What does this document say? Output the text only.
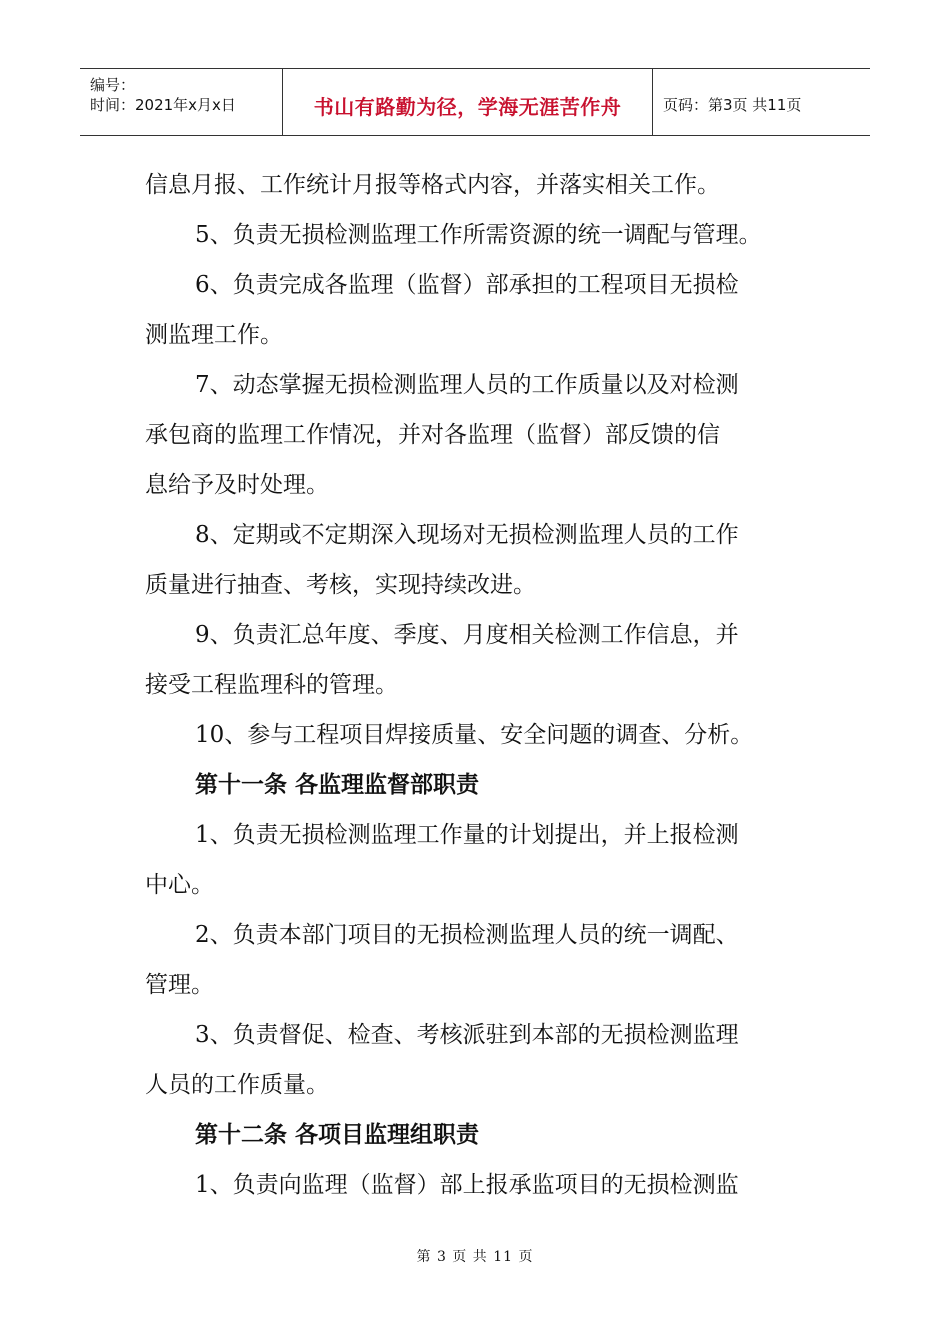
编号：
时间：2021年x月x日	书山有路勤为径，学海无涯苦作舟	页码：第3页 共11页
信息月报、工作统计月报等格式内容，并落实相关工作。
5、负责无损检测监理工作所需资源的统一调配与管理。
6、负责完成各监理（监督）部承担的工程项目无损检
测监理工作。
7、动态掌握无损检测监理人员的工作质量以及对检测
承包商的监理工作情况，并对各监理（监督）部反馈的信
息给予及时处理。
8、定期或不定期深入现场对无损检测监理人员的工作
质量进行抽查、考核，实现持续改进。
9、负责汇总年度、季度、月度相关检测工作信息，并
接受工程监理科的管理。
10、参与工程项目焊接质量、安全问题的调查、分析。
第十一条 各监理监督部职责
1、负责无损检测监理工作量的计划提出，并上报检测
中心。
2、负责本部门项目的无损检测监理人员的统一调配、
管理。
3、负责督促、检查、考核派驻到本部的无损检测监理
人员的工作质量。
第十二条 各项目监理组职责
1、负责向监理（监督）部上报承监项目的无损检测监
第 3 页 共 11 页
